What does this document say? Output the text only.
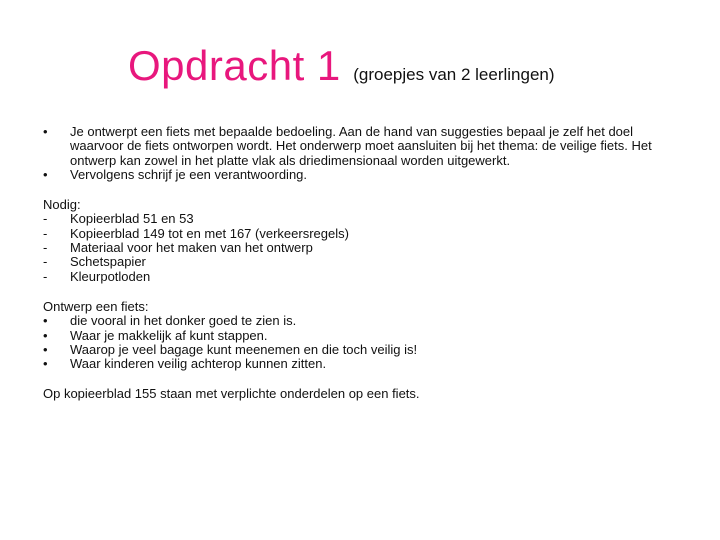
Opdracht 1 (groepjes van 2 leerlingen)
• Je ontwerpt een fiets met bepaalde bedoeling. Aan de hand van suggesties bepaal je zelf het doel waarvoor de fiets ontworpen wordt. Het onderwerp moet aansluiten bij het thema: de veilige fiets. Het ontwerp kan zowel in het platte vlak als driedimensionaal worden uitgewerkt.
• Vervolgens schrijf je een verantwoording.
Nodig:
- Kopieerblad 51 en 53
- Kopieerblad 149 tot en met 167 (verkeersregels)
- Materiaal voor het maken van het ontwerp
- Schetspapier
- Kleurpotloden
Ontwerp een fiets:
• die vooral in het donker goed te zien is.
• Waar je makkelijk af kunt stappen.
• Waarop je veel bagage kunt meenemen en die toch veilig is!
• Waar kinderen veilig achterop kunnen zitten.
Op kopieerblad 155 staan met verplichte onderdelen op een fiets.
